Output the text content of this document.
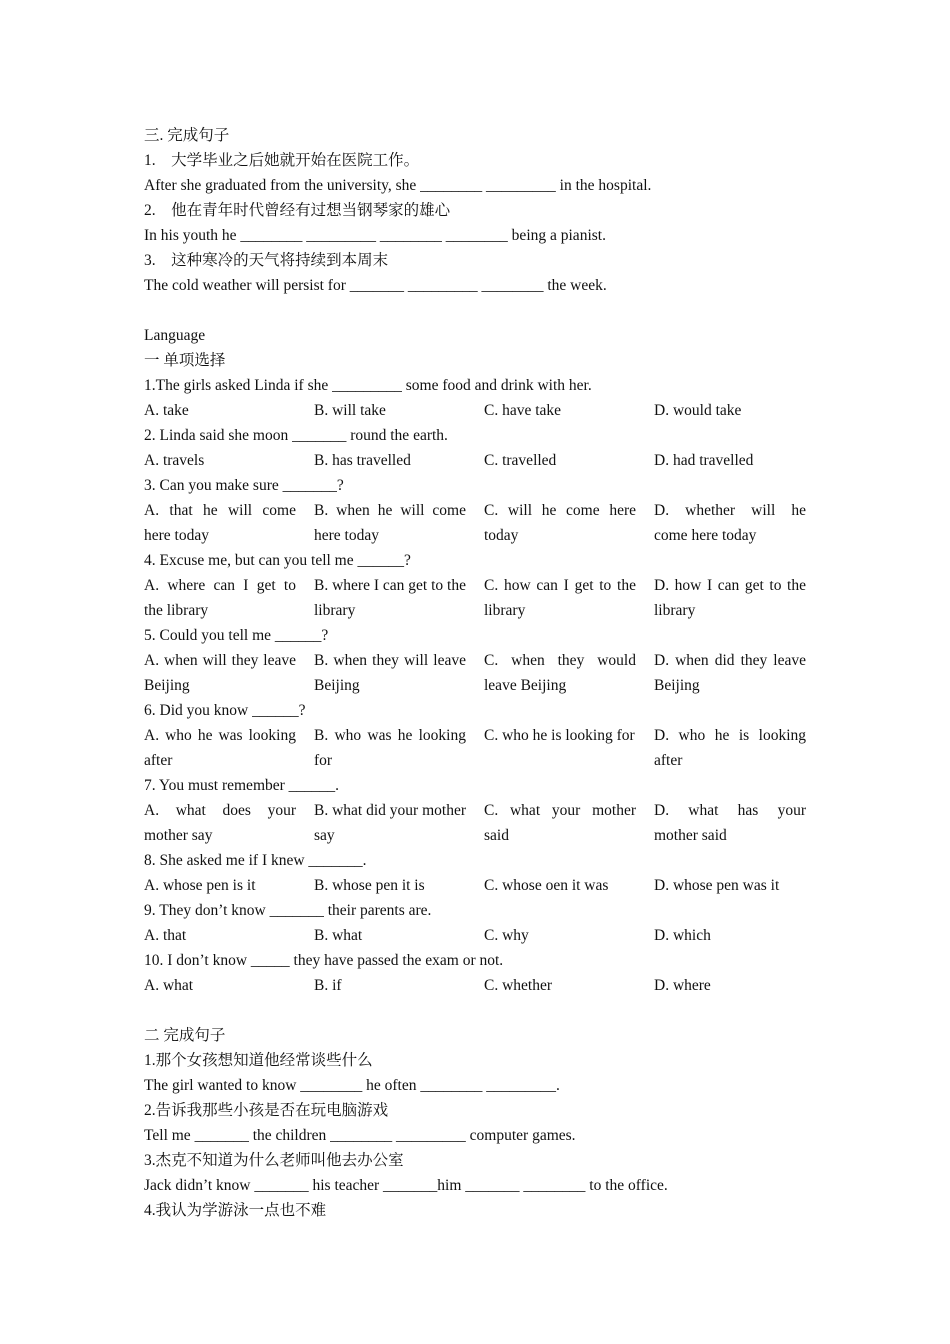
三. 完成句子
1.　大学毕业之后她就开始在医院工作。
After she graduated from the university, she ________ _________ in the hospital.
2.　他在青年时代曾经有过想当钢琴家的雄心
In his youth he ________ _________ ________ ________ being a pianist.
3.　这种寒冷的天气将持续到本周末
The cold weather will persist for _______ _________ ________ the week.
Language
一 单项选择
1.The girls asked Linda if she _________ some food and drink with her.
A. take	B. will take	C. have take	D. would take
2. Linda said she moon _______ round the earth.
A. travels	B. has travelled	C. travelled	D. had travelled
3. Can you make sure _______?
A. that he will come here today
B. when he will come here today
C. will he come here today
D. whether will he come here today
4. Excuse me, but can you tell me ______?
A. where can I get to the library
B. where I can get to the library
C. how can I get to the library
D. how I can get to the library
5. Could you tell me ______?
A. when will they leave Beijing
B. when they will leave Beijing
C. when they would leave Beijing
D. when did they leave Beijing
6. Did you know ______?
A. who he was looking after
B. who was he looking for
C. who he is looking for D. who he is looking after
7. You must remember ______.
A. what does your mother say
B. what did your mother say
C. what your mother said
D. what has your mother said
8. She asked me if I knew _______.
A. whose pen is it	B. whose pen it is	C. whose oen it was	D. whose pen was it
9. They don’t know _______ their parents are.
A. that	B. what	C. why	D. which
10. I don’t know _____ they have passed the exam or not.
A. what	B. if	C. whether	D. where
二 完成句子
1.那个女孩想知道他经常谈些什么
The girl wanted to know ________ he often ________ _________.
2.告诉我那些小孩是否在玩电脑游戏
Tell me _______ the children ________ _________ computer games.
3.杰克不知道为什么老师叫他去办公室
Jack didn’t know _______ his teacher _______him _______ ________ to the office.
4.我认为学游泳一点也不难
